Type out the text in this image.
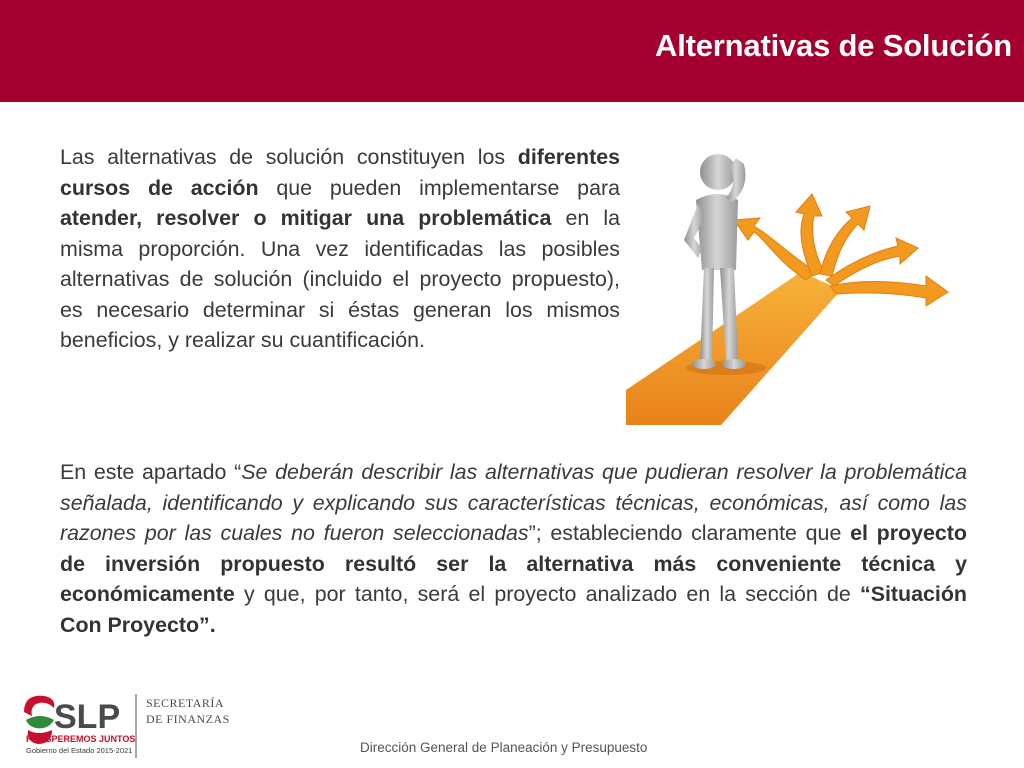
Alternativas de Solución

Las alternativas de solución constituyen los diferentes cursos de acción que pueden implementarse para atender, resolver o mitigar una problemática en la misma proporción. Una vez identificadas las posibles alternativas de solución (incluido el proyecto propuesto), es necesario determinar si éstas generan los mismos beneficios, y realizar su cuantificación.

En este apartado “Se deberán describir las alternativas que pudieran resolver la problemática señalada, identificando y explicando sus características técnicas, económicas, así como las razones por las cuales no fueron seleccionadas”; estableciendo claramente que el proyecto de inversión propuesto resultó ser la alternativa más conveniente técnica y económicamente y que, por tanto, será el proyecto analizado en la sección de “Situación Con Proyecto”.

SLP
PROSPEREMOS JUNTOS
Gobierno del Estado 2015-2021
SECRETARÍA
DE FINANZAS

Dirección General de Planeación y Presupuesto
